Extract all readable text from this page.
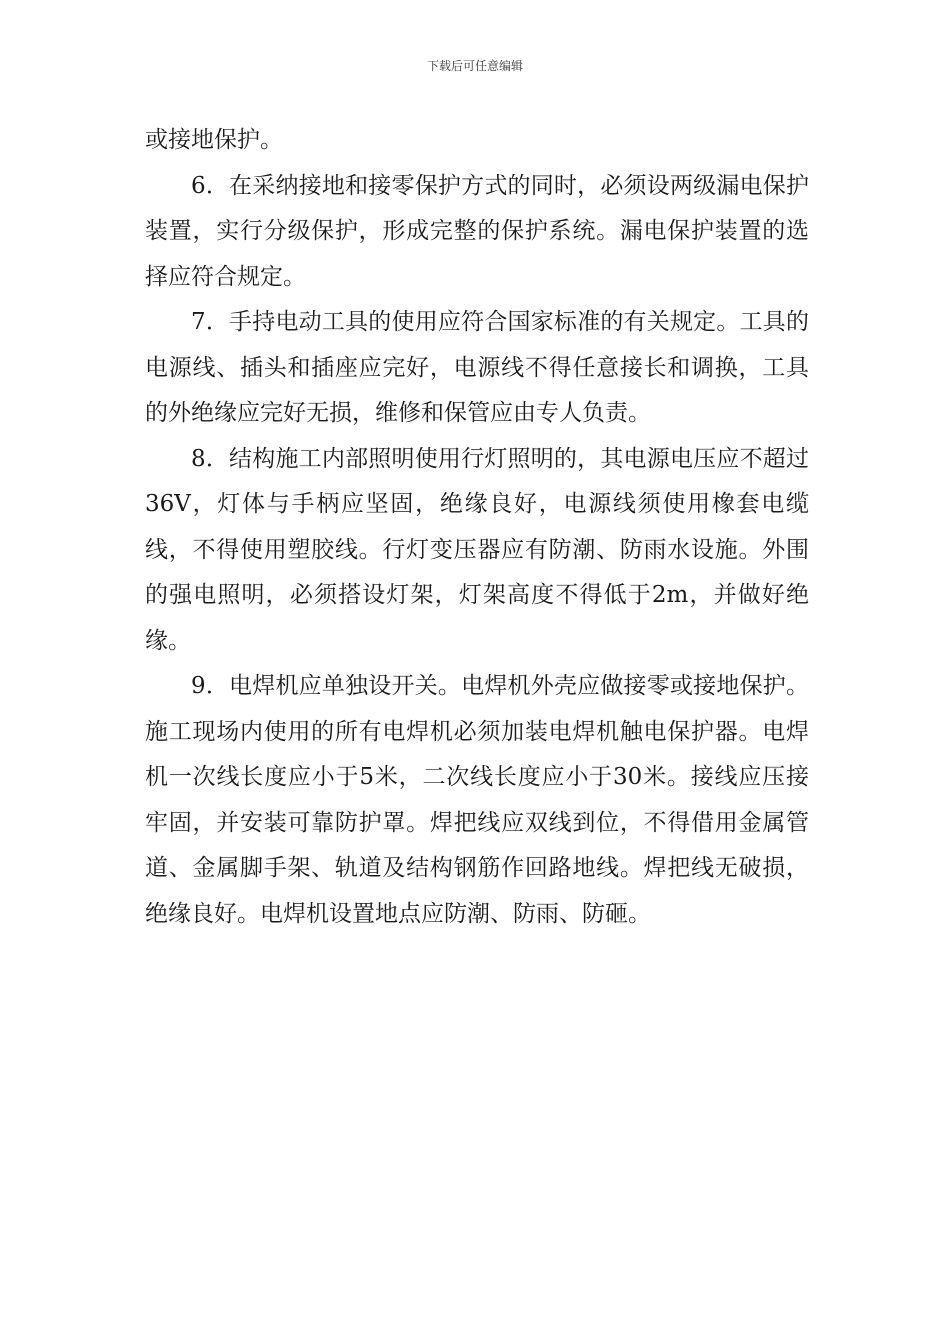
下载后可任意编辑

或接地保护。

6．在采纳接地和接零保护方式的同时，必须设两级漏电保护装置，实行分级保护，形成完整的保护系统。漏电保护装置的选择应符合规定。

7．手持电动工具的使用应符合国家标准的有关规定。工具的电源线、插头和插座应完好，电源线不得任意接长和调换，工具的外绝缘应完好无损，维修和保管应由专人负责。

8．结构施工内部照明使用行灯照明的，其电源电压应不超过36V，灯体与手柄应坚固，绝缘良好，电源线须使用橡套电缆线，不得使用塑胶线。行灯变压器应有防潮、防雨水设施。外围的强电照明，必须搭设灯架，灯架高度不得低于2m，并做好绝缘。

9．电焊机应单独设开关。电焊机外壳应做接零或接地保护。施工现场内使用的所有电焊机必须加装电焊机触电保护器。电焊机一次线长度应小于5米，二次线长度应小于30米。接线应压接牢固，并安装可靠防护罩。焊把线应双线到位，不得借用金属管道、金属脚手架、轨道及结构钢筋作回路地线。焊把线无破损，绝缘良好。电焊机设置地点应防潮、防雨、防砸。
